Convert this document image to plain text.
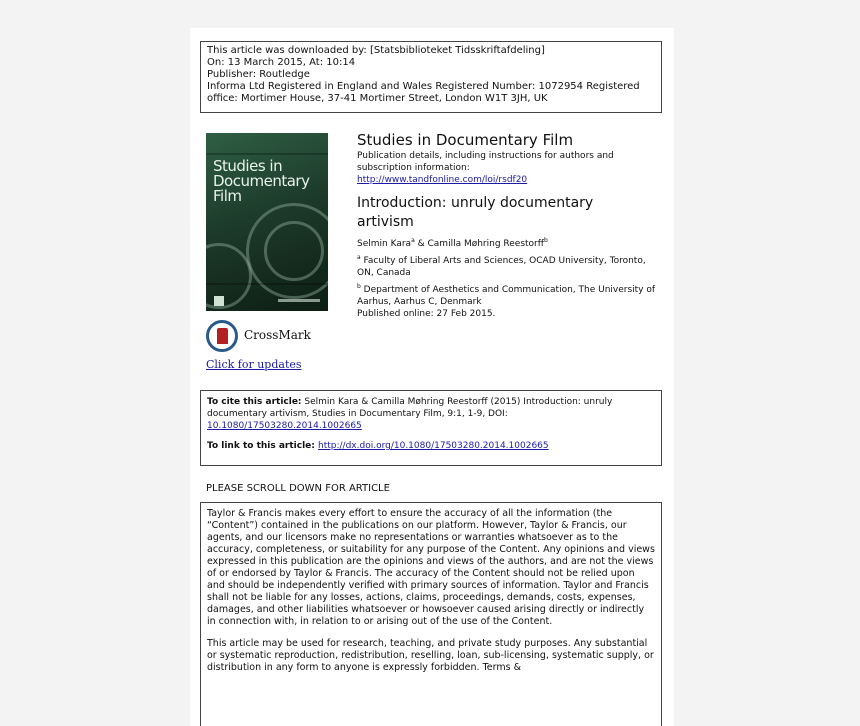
This article was downloaded by: [Statsbiblioteket Tidsskriftafdeling]
On: 13 March 2015, At: 10:14
Publisher: Routledge
Informa Ltd Registered in England and Wales Registered Number: 1072954 Registered
office: Mortimer House, 37-41 Mortimer Street, London W1T 3JH, UK
Studies in
Documentary
Film
Studies in Documentary Film
Publication details, including instructions for authors and subscription information:
http://www.tandfonline.com/loi/rsdf20
Introduction: unruly documentary artivism
Selmin Kara$^a$ & Camilla Møhring Reestorff$^b$
$^a$ Faculty of Liberal Arts and Sciences, OCAD University, Toronto, ON, Canada
$^b$ Department of Aesthetics and Communication, The University of Aarhus, Aarhus C, Denmark
Published online: 27 Feb 2015.
CrossMark
Click for updates
To cite this article: Selmin Kara & Camilla Møhring Reestorff (2015) Introduction: unruly documentary artivism, Studies in Documentary Film, 9:1, 1-9, DOI:
10.1080/17503280.2014.1002665
To link to this article: http://dx.doi.org/10.1080/17503280.2014.1002665
PLEASE SCROLL DOWN FOR ARTICLE

Taylor & Francis makes every effort to ensure the accuracy of all the information (the “Content”) contained in the publications on our platform. However, Taylor & Francis, our agents, and our licensors make no representations or warranties whatsoever as to the accuracy, completeness, or suitability for any purpose of the Content. Any opinions and views expressed in this publication are the opinions and views of the authors, and are not the views of or endorsed by Taylor & Francis. The accuracy of the Content should not be relied upon and should be independently verified with primary sources of information. Taylor and Francis shall not be liable for any losses, actions, claims, proceedings, demands, costs, expenses, damages, and other liabilities whatsoever or howsoever caused arising directly or indirectly in connection with, in relation to or arising out of the use of the Content.

This article may be used for research, teaching, and private study purposes. Any substantial or systematic reproduction, redistribution, reselling, loan, sub-licensing, systematic supply, or distribution in any form to anyone is expressly forbidden. Terms &
